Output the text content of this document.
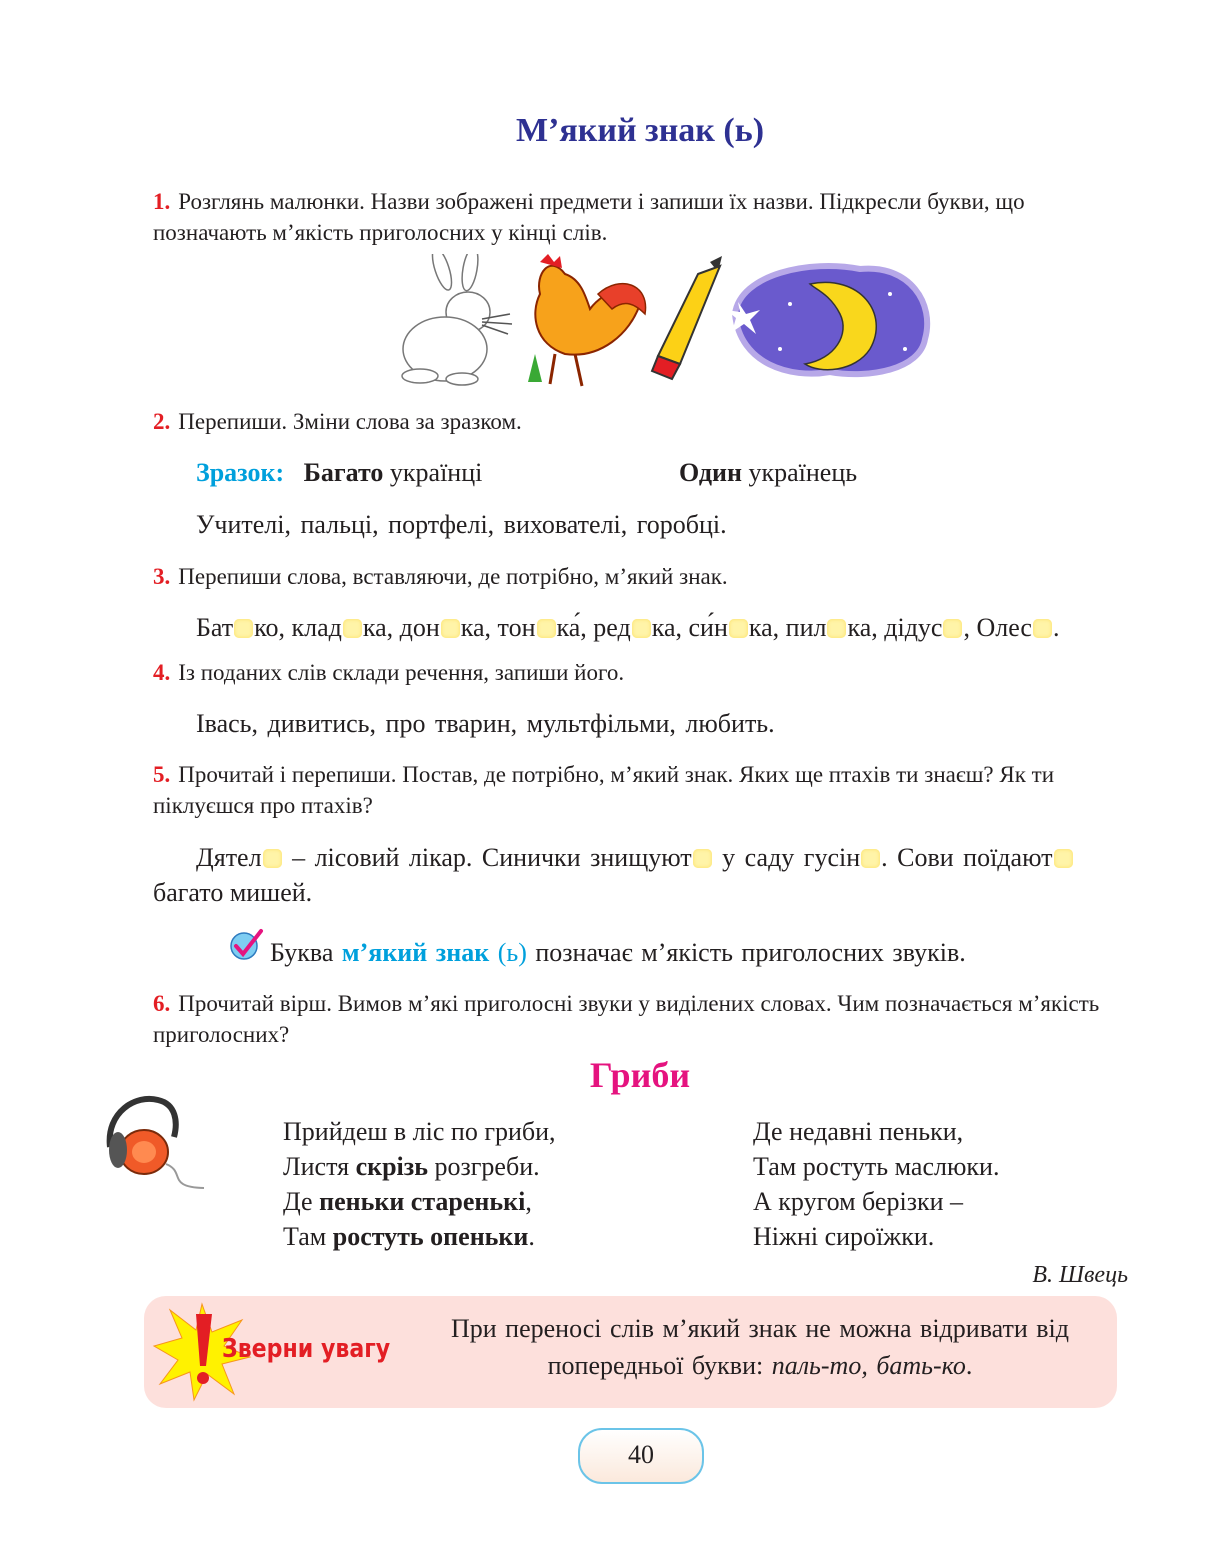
М’який знак (ь)
1. Розглянь малюнки. Назви зображені предмети і запиши їх назви. Підкресли букви, що позначають м’якість приголосних у кінці слів.
2. Перепиши. Зміни слова за зразком.
Зразок: Багато українці	Один українець
Учителі, пальці, портфелі, вихователі, горобці.
3. Перепиши слова, вставляючи, де потрібно, м’який знак.
Бат ко, клад ка, дон ка, тон ка́, ред ка, си́н ка, пил ка, дідус , Олес .
4. Із поданих слів склади речення, запиши його.
Івась, дивитись, про тварин, мультфільми, любить.
5. Прочитай і перепиши. Постав, де потрібно, м’який знак. Яких ще птахів ти знаєш? Як ти піклуєшся про птахів?
Дятел – лісовий лікар. Синички знищуют у саду гусін . Сови поїдают
багато мишей.
Буква м’який знак (ь) позначає м’якість приголосних звуків.
6. Прочитай вірш. Вимов м’які приголосні звуки у виділених словах. Чим позначається м’якість приголосних?
Гриби
Прийдеш в ліс по гриби,
Листя скрізь розгреби.
Де пеньки старенькі,
Там ростуть опеньки.
Де недавні пеньки,
Там ростуть маслюки.
А кругом берізки –
Ніжні сироїжки.
В. Швець
Зверни увагу
При переносі слів м’який знак не можна відривати від попередньої букви: паль-то, бать-ко.
40
